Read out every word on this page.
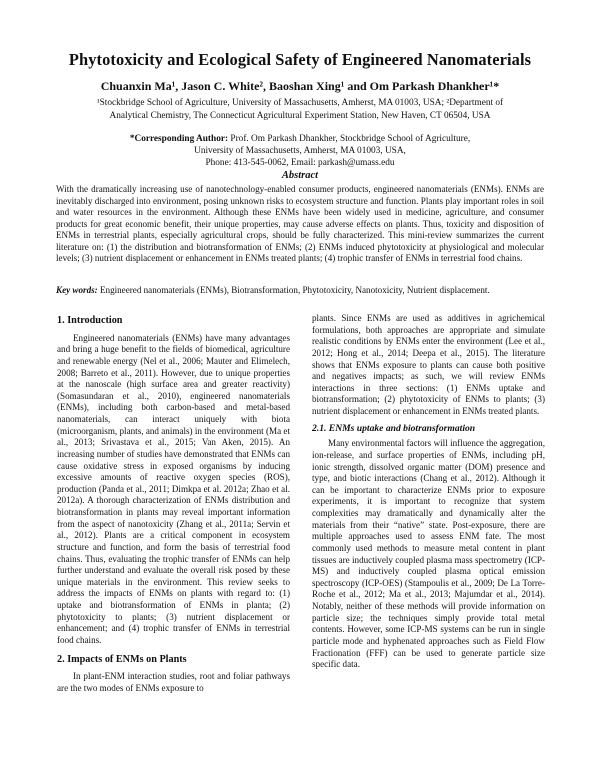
Phytotoxicity and Ecological Safety of Engineered Nanomaterials
Chuanxin Ma¹, Jason C. White², Baoshan Xing¹ and Om Parkash Dhankher¹*
¹Stockbridge School of Agriculture, University of Massachusetts, Amherst, MA 01003, USA; ²Department of
Analytical Chemistry, The Connecticut Agricultural Experiment Station, New Haven, CT 06504, USA
*Corresponding Author: Prof. Om Parkash Dhankher, Stockbridge School of Agriculture,
University of Massachusetts, Amherst, MA 01003, USA,
Phone: 413-545-0062, Email: parkash@umass.edu
Abstract
With the dramatically increasing use of nanotechnology-enabled consumer products, engineered nanomaterials (ENMs). ENMs are inevitably discharged into environment, posing unknown risks to ecosystem structure and function. Plants play important roles in soil and water resources in the environment. Although these ENMs have been widely used in medicine, agriculture, and consumer products for great economic benefit, their unique properties, may cause adverse effects on plants. Thus, toxicity and disposition of ENMs in terrestrial plants, especially agricultural crops, should be fully characterized. This mini-review summarizes the current literature on: (1) the distribution and biotransformation of ENMs; (2) ENMs induced phytotoxicity at physiological and molecular levels; (3) nutrient displacement or enhancement in ENMs treated plants; (4) trophic transfer of ENMs in terrestrial food chains.
Key words: Engineered nanomaterials (ENMs), Biotransformation, Phytotoxicity, Nanotoxicity, Nutrient displacement.
1. Introduction

Engineered nanomaterials (ENMs) have many advantages and bring a huge benefit to the fields of biomedical, agriculture and renewable energy (Nel et al., 2006; Mauter and Elimelech, 2008; Barreto et al., 2011). However, due to unique properties at the nanoscale (high surface area and greater reactivity) (Somasundaran et al., 2010), engineered nanomaterials (ENMs), including both carbon-based and metal-based nanomaterials, can interact uniquely with biota (microorganism, plants, and animals) in the environment (Ma et al., 2013; Srivastava et al., 2015; Van Aken, 2015). An increasing number of studies have demonstrated that ENMs can cause oxidative stress in exposed organisms by inducing excessive amounts of reactive oxygen species (ROS), production (Panda et al., 2011; Dimkpa et al. 2012a; Zhao et al. 2012a). A thorough characterization of ENMs distribution and biotransformation in plants may reveal important information from the aspect of nanotoxicity (Zhang et al., 2011a; Servin et al., 2012). Plants are a critical component in ecosystem structure and function, and form the basis of terrestrial food chains. Thus, evaluating the trophic transfer of ENMs can help further understand and evaluate the overall risk posed by these unique materials in the environment. This review seeks to address the impacts of ENMs on plants with regard to: (1) uptake and biotransformation of ENMs in planta; (2) phytotoxicity to plants; (3) nutrient displacement or enhancement; and (4) trophic transfer of ENMs in terrestrial food chains.

2. Impacts of ENMs on Plants

In plant-ENM interaction studies, root and foliar pathways are the two modes of ENMs exposure to

plants. Since ENMs are used as additives in agrichemical formulations, both approaches are appropriate and simulate realistic conditions by ENMs enter the environment (Lee et al., 2012; Hong et al., 2014; Deepa et al., 2015). The literature shows that ENMs exposure to plants can cause both positive and negatives impacts; as such, we will review ENMs interactions in three sections: (1) ENMs uptake and biotransformation; (2) phytotoxicity of ENMs to plants; (3) nutrient displacement or enhancement in ENMs treated plants.

2.1. ENMs uptake and biotransformation

Many environmental factors will influence the aggregation, ion-release, and surface properties of ENMs, including pH, ionic strength, dissolved organic matter (DOM) presence and type, and biotic interactions (Chang et al., 2012). Although it can be important to characterize ENMs prior to exposure experiments, it is important to recognize that system complexities may dramatically and dynamically alter the materials from their “native” state. Post-exposure, there are multiple approaches used to assess ENM fate. The most commonly used methods to measure metal content in plant tissues are inductively coupled plasma mass spectrometry (ICP-MS) and inductively coupled plasma optical emission spectroscopy (ICP-OES) (Stampoulis et al., 2009; De La Torre-Roche et al., 2012; Ma et al., 2013; Majumdar et al., 2014). Notably, neither of these methods will provide information on particle size; the techniques simply provide total metal contents. However, some ICP-MS systems can be run in single particle mode and hyphenated approaches such as Field Flow Fractionation (FFF) can be used to generate particle size specific data.
